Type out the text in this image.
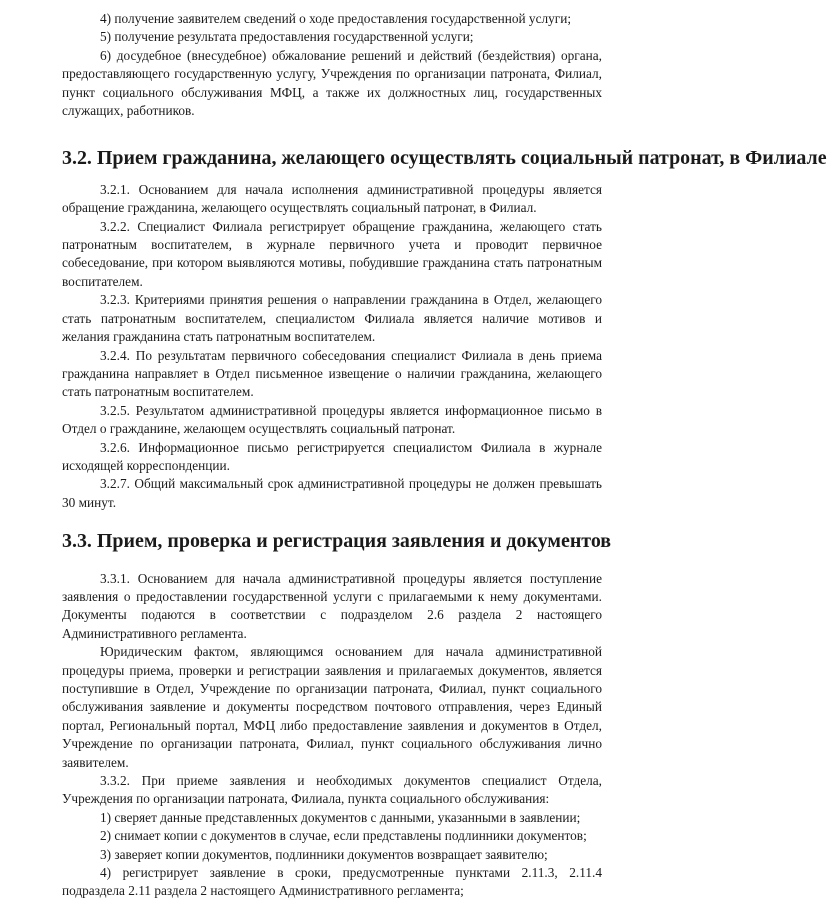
4) получение заявителем сведений о ходе предоставления государственной услуги;

5) получение результата предоставления государственной услуги;

6) досудебное (внесудебное) обжалование решений и действий (бездействия) органа, предоставляющего государственную услугу, Учреждения по организации патроната, Филиал, пункт социального обслуживания МФЦ, а также их должностных лиц, государственных служащих, работников.

3.2. Прием гражданина, желающего осуществлять социальный патронат, в Филиале

3.2.1. Основанием для начала исполнения административной процедуры является обращение гражданина, желающего осуществлять социальный патронат, в Филиал.

3.2.2. Специалист Филиала регистрирует обращение гражданина, желающего стать патронатным воспитателем, в журнале первичного учета и проводит первичное собеседование, при котором выявляются мотивы, побудившие гражданина стать патронатным воспитателем.

3.2.3. Критериями принятия решения о направлении гражданина в Отдел, желающего стать патронатным воспитателем, специалистом Филиала является наличие мотивов и желания гражданина стать патронатным воспитателем.

3.2.4. По результатам первичного собеседования специалист Филиала в день приема гражданина направляет в Отдел письменное извещение о наличии гражданина, желающего стать патронатным воспитателем.

3.2.5. Результатом административной процедуры является информационное письмо в Отдел о гражданине, желающем осуществлять социальный патронат.

3.2.6. Информационное письмо регистрируется специалистом Филиала в журнале исходящей корреспонденции.

3.2.7. Общий максимальный срок административной процедуры не должен превышать 30 минут.

3.3. Прием, проверка и регистрация заявления и документов

3.3.1. Основанием для начала административной процедуры является поступление заявления о предоставлении государственной услуги с прилагаемыми к нему документами. Документы подаются в соответствии с подразделом 2.6 раздела 2 настоящего Административного регламента.

Юридическим фактом, являющимся основанием для начала административной процедуры приема, проверки и регистрации заявления и прилагаемых документов, является поступившие в Отдел, Учреждение по организации патроната, Филиал, пункт социального обслуживания заявление и документы посредством почтового отправления, через Единый портал, Региональный портал, МФЦ либо предоставление заявления и документов в Отдел, Учреждение по организации патроната, Филиал, пункт социального обслуживания лично заявителем.

3.3.2. При приеме заявления и необходимых документов специалист Отдела, Учреждения по организации патроната, Филиала, пункта социального обслуживания:

1) сверяет данные представленных документов с данными, указанными в заявлении;

2) снимает копии с документов в случае, если представлены подлинники документов;

3) заверяет копии документов, подлинники документов возвращает заявителю;

4) регистрирует заявление в сроки, предусмотренные пунктами 2.11.3, 2.11.4 подраздела 2.11 раздела 2 настоящего Административного регламента;
